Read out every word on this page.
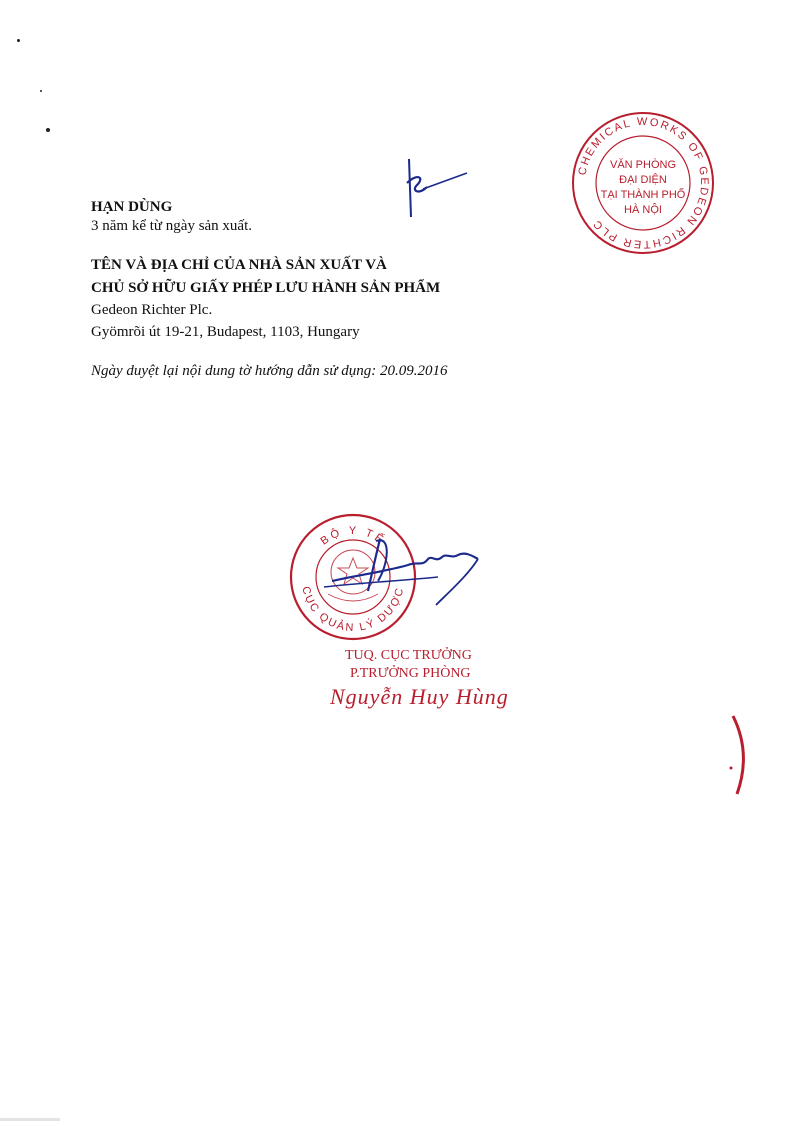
HẠN DÙNG
3 năm kể từ ngày sản xuất.
TÊN VÀ ĐỊA CHỈ CỦA NHÀ SẢN XUẤT VÀ
CHỦ SỞ HỮU GIẤY PHÉP LƯU HÀNH SẢN PHẨM
Gedeon Richter Plc.
Gyömrõi út 19-21, Budapest, 1103, Hungary
Ngày duyệt lại nội dung tờ hướng dẫn sử dụng: 20.09.2016
CHEMICAL WORKS OF GEDEON RICHTER PLC
VĂN PHÒNG
ĐẠI DIỆN
TẠI THÀNH PHỐ
HÀ NỘI
BỘ Y TẾ
CỤC QUẢN LÝ DƯỢC
TUQ. CỤC TRƯỞNG
P.TRƯỞNG PHÒNG
Nguyễn Huy Hùng
